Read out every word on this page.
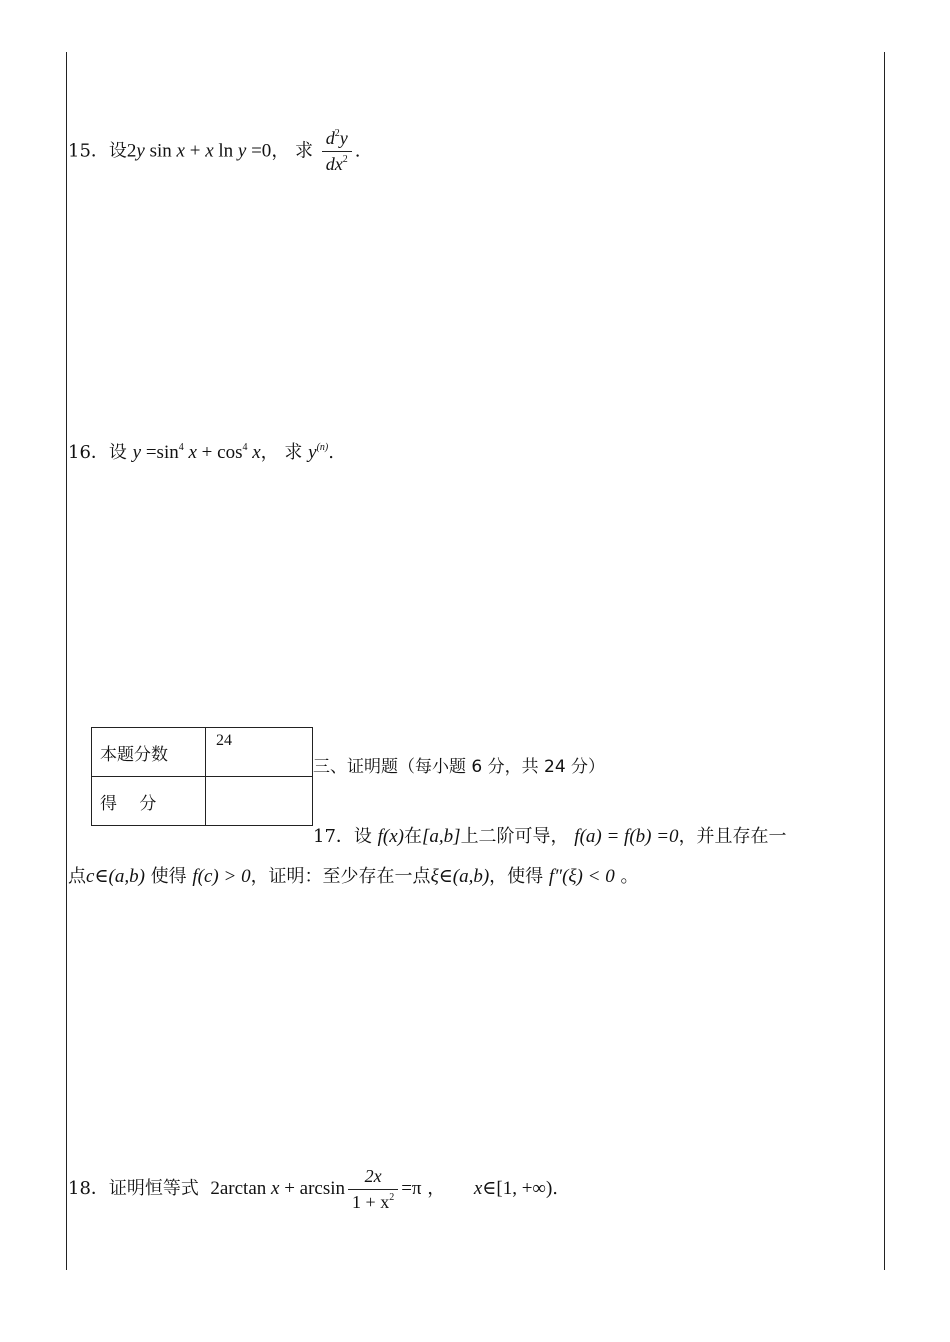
15．设2y sin x + x ln y =0， 求 $\frac{d^2y}{dx^2}$ .
16．设 $y =\sin^4$ $x + \cos^4 x$， 求 $y^{(n)}$.
本题分数	24
得　 分	
三、证明题（每小题 6 分，共 24 分）
17．设 f(x)在[a,b]上二阶可导， f(a) = f(b) =0，并且存在一
点c∈(a,b) 使得 f(c) > 0，证明：至少存在一点ξ∈(a,b)，使得 f″(ξ) < 0 。
18．证明恒等式 2arctan $x + \arcsin \frac{2x}{1 + x^2} =\pi$ ， x∈[1, +∞).
